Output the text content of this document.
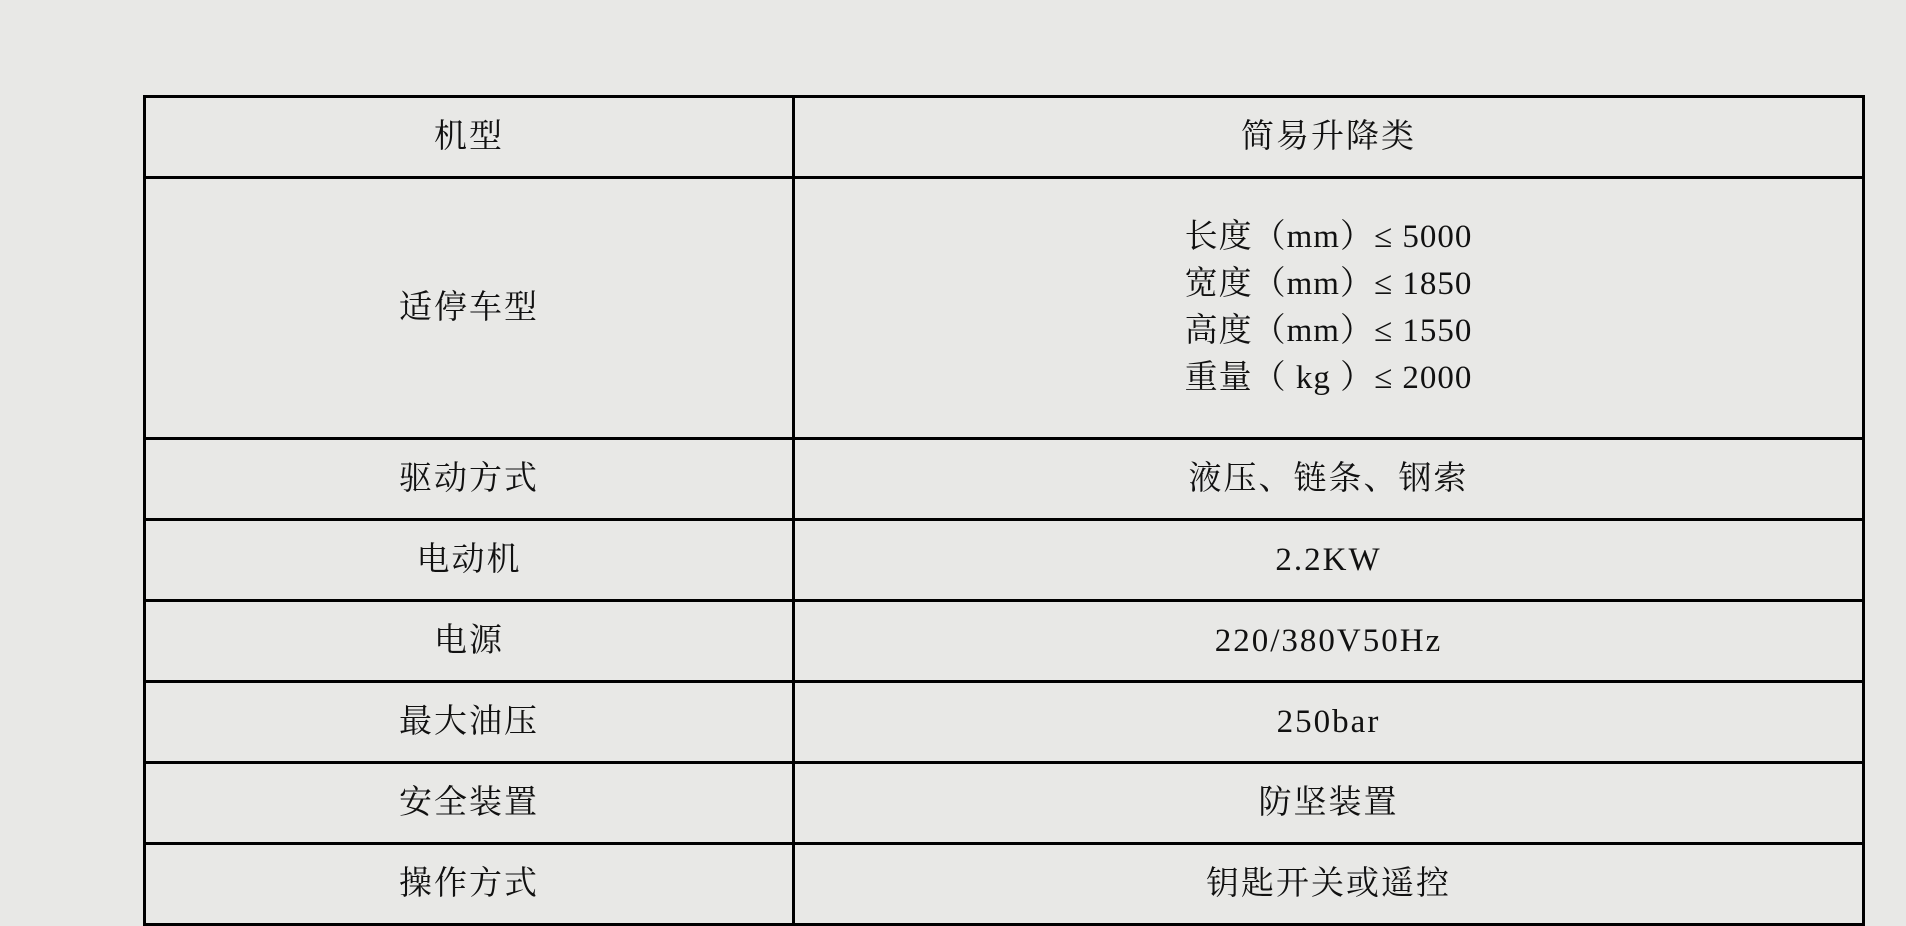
机型	简易升降类
适停车型	长度（mm）≤ 5000
宽度（mm）≤ 1850
高度（mm）≤ 1550
重量（ kg ）≤ 2000

驱动方式	液压、链条、钢索
电动机	2.2KW
电源	220/380V50Hz
最大油压	250bar
安全装置	防坚装置
操作方式	钥匙开关或遥控
